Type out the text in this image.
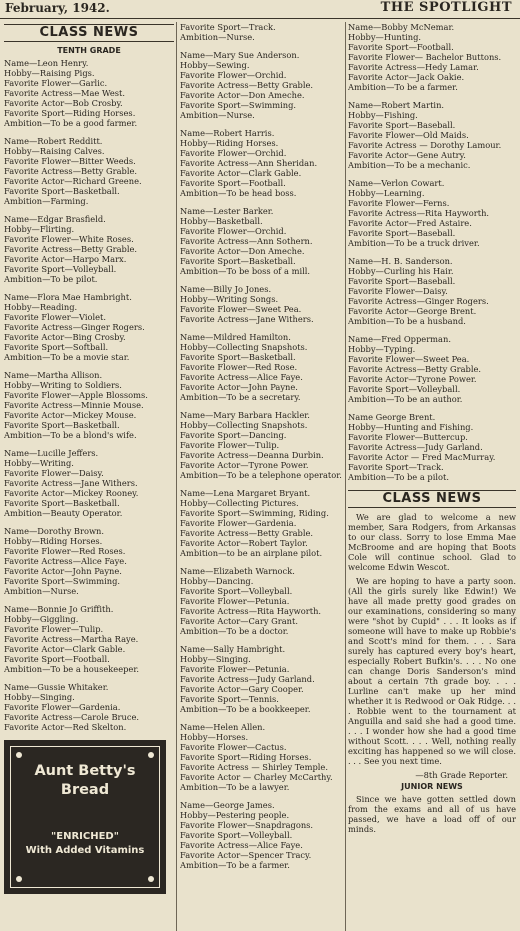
February, 1942.	THE SPOTLIGHT
CLASS NEWS
TENTH GRADE
Name—Leon Henry.
Hobby—Raising Pigs.
Favorite Flower—Garlic.
Favorite Actress—Mae West.
Favorite Actor—Bob Crosby.
Favorite Sport—Riding Horses.
Ambition—To be a good farmer.
Name—Robert Redditt.
Hobby—Raising Calves.
Favorite Flower—Bitter Weeds.
Favorite Actress—Betty Grable.
Favorite Actor—Richard Greene.
Favorite Sport—Basketball.
Ambition—Farming.
Name—Edgar Brasfield.
Hobby—Flirting.
Favorite Flower—White Roses.
Favorite Actress—Betty Grable.
Favorite Actor—Harpo Marx.
Favorite Sport—Volleyball.
Ambition—To be pilot.
Name—Flora Mae Hambright.
Hobby—Reading.
Favorite Flower—Violet.
Favorite Actress—Ginger Rogers.
Favorite Actor—Bing Crosby.
Favorite Sport—Softball.
Ambition—To be a movie star.
Name—Martha Allison.
Hobby—Writing to Soldiers.
Favorite Flower—Apple Blossoms.
Favorite Actress—Minnie Mouse.
Favorite Actor—Mickey Mouse.
Favorite Sport—Basketball.
Ambition—To be a blond's wife.
Name—Lucille Jeffers.
Hobby—Writing.
Favorite Flower—Daisy.
Favorite Actress—Jane Withers.
Favorite Actor—Mickey Rooney.
Favorite Sport—Basketball.
Ambition—Beauty Operator.
Name—Dorothy Brown.
Hobby—Riding Horses.
Favorite Flower—Red Roses.
Favorite Actress—Alice Faye.
Favorite Actor—John Payne.
Favorite Sport—Swimming.
Ambition—Nurse.
Name—Bonnie Jo Griffith.
Hobby—Giggling.
Favorite Flower—Tulip.
Favorite Actress—Martha Raye.
Favorite Actor—Clark Gable.
Favorite Sport—Football.
Ambition—To be a housekeeper.
Name—Gussie Whitaker.
Hobby—Singing.
Favorite Flower—Gardenia.
Favorite Actress—Carole Bruce.
Favorite Actor—Red Skelton.
Aunt Betty's
Bread
"ENRICHED"
With Added Vitamins
Favorite Sport—Track.
Ambition—Nurse.
Name—Mary Sue Anderson.
Hobby—Sewing.
Favorite Flower—Orchid.
Favorite Actress—Betty Grable.
Favorite Actor—Don Ameche.
Favorite Sport—Swimming.
Ambition—Nurse.
Name—Robert Harris.
Hobby—Riding Horses.
Favorite Flower—Orchid.
Favorite Actress—Ann Sheridan.
Favorite Actor—Clark Gable.
Favorite Sport—Football.
Ambition—To be head boss.
Name—Lester Barker.
Hobby—Basketball.
Favorite Flower—Orchid.
Favorite Actress—Ann Sothern.
Favorite Actor—Don Ameche.
Favorite Sport—Basketball.
Ambition—To be boss of a mill.
Name—Billy Jo Jones.
Hobby—Writing Songs.
Favorite Flower—Sweet Pea.
Favorite Actress—Jane Withers.
Name—Mildred Hamilton.
Hobby—Collecting Snapshots.
Favorite Sport—Basketball.
Favorite Flower—Red Rose.
Favorite Actress—Alice Faye.
Favorite Actor—John Payne.
Ambition—To be a secretary.
Name—Mary Barbara Hackler.
Hobby—Collecting Snapshots.
Favorite Sport—Dancing.
Favorite Flower—Tulip.
Favorite Actress—Deanna Durbin.
Favorite Actor—Tyrone Power.
Ambition—To be a telephone operator.
Name—Lena Margaret Bryant.
Hobby—Collecting Pictures.
Favorite Sport—Swimming, Riding.
Favorite Flower—Gardenia.
Favorite Actress—Betty Grable.
Favorite Actor—Robert Taylor.
Ambition—to be an airplane pilot.
Name—Elizabeth Warnock.
Hobby—Dancing.
Favorite Sport—Volleyball.
Favorite Flower—Petunia.
Favorite Actress—Rita Hayworth.
Favorite Actor—Cary Grant.
Ambition—To be a doctor.
Name—Sally Hambright.
Hobby—Singing.
Favorite Flower—Petunia.
Favorite Actress—Judy Garland.
Favorite Actor—Gary Cooper.
Favorite Sport—Tennis.
Ambition—To be a bookkeeper.
Name—Helen Allen.
Hobby—Horses.
Favorite Flower—Cactus.
Favorite Sport—Riding Horses.
Favorite Actress — Shirley Temple.
Favorite Actor — Charley McCarthy.
Ambition—To be a lawyer.
Name—George James.
Hobby—Pestering people.
Favorite Flower—Snapdragons.
Favorite Sport—Volleyball.
Favorite Actress—Alice Faye.
Favorite Actor—Spencer Tracy.
Ambition—To be a farmer.
Name—Bobby McNemar.
Hobby—Hunting.
Favorite Sport—Football.
Favorite Flower— Bachelor Buttons.
Favorite Actress—Hedy Lamar.
Favorite Actor—Jack Oakie.
Ambition—To be a farmer.
Name—Robert Martin.
Hobby—Fishing.
Favorite Sport—Baseball.
Favorite Flower—Old Maids.
Favorite Actress — Dorothy Lamour.
Favorite Actor—Gene Autry.
Ambition—To be a mechanic.
Name—Verlon Cowart.
Hobby—Learning.
Favorite Flower—Ferns.
Favorite Actress—Rita Hayworth.
Favorite Actor—Fred Astaire.
Favorite Sport—Baseball.
Ambition—To be a truck driver.
Name—H. B. Sanderson.
Hobby—Curling his Hair.
Favorite Sport—Baseball.
Favorite Flower—Daisy.
Favorite Actress—Ginger Rogers.
Favorite Actor—George Brent.
Ambition—To be a husband.
Name—Fred Opperman.
Hobby—Typing.
Favorite Flower—Sweet Pea.
Favorite Actress—Betty Grable.
Favorite Actor—Tyrone Power.
Favorite Sport—Volleyball.
Ambition—To be an author.
Name George Brent.
Hobby—Hunting and Fishing.
Favorite Flower—Buttercup.
Favorite Actress—Judy Garland.
Favorite Actor — Fred MacMurray.
Favorite Sport—Track.
Ambition—To be a pilot.
CLASS NEWS

We are glad to welcome a new member, Sara Rodgers, from Arkansas to our class. Sorry to lose Emma Mae McBroome and are hoping that Boots Cole will continue school. Glad to welcome Edwin Wescot.

We are hoping to have a party soon. (All the girls surely like Edwin!) We have all made pretty good grades on our examinations, considering so many were "shot by Cupid" . . . It looks as if someone will have to make up Robbie's and Scott's mind for them. . . . Sara surely has captured every boy's heart, especially Robert Bufkin's. . . . No one can change Doris Sanderson's mind about a certain 7th grade boy. . . . Lurline can't make up her mind whether it is Redwood or Oak Ridge. . . . Robbie went to the tournament at Anguilla and said she had a good time. . . . I wonder how she had a good time without Scott. . . . Well, nothing really exciting has happened so we will close. . . . See you next time.

—8th Grade Reporter.
JUNIOR NEWS

Since we have gotten settled down from the exams and all of us have passed, we have a load off of our minds.
